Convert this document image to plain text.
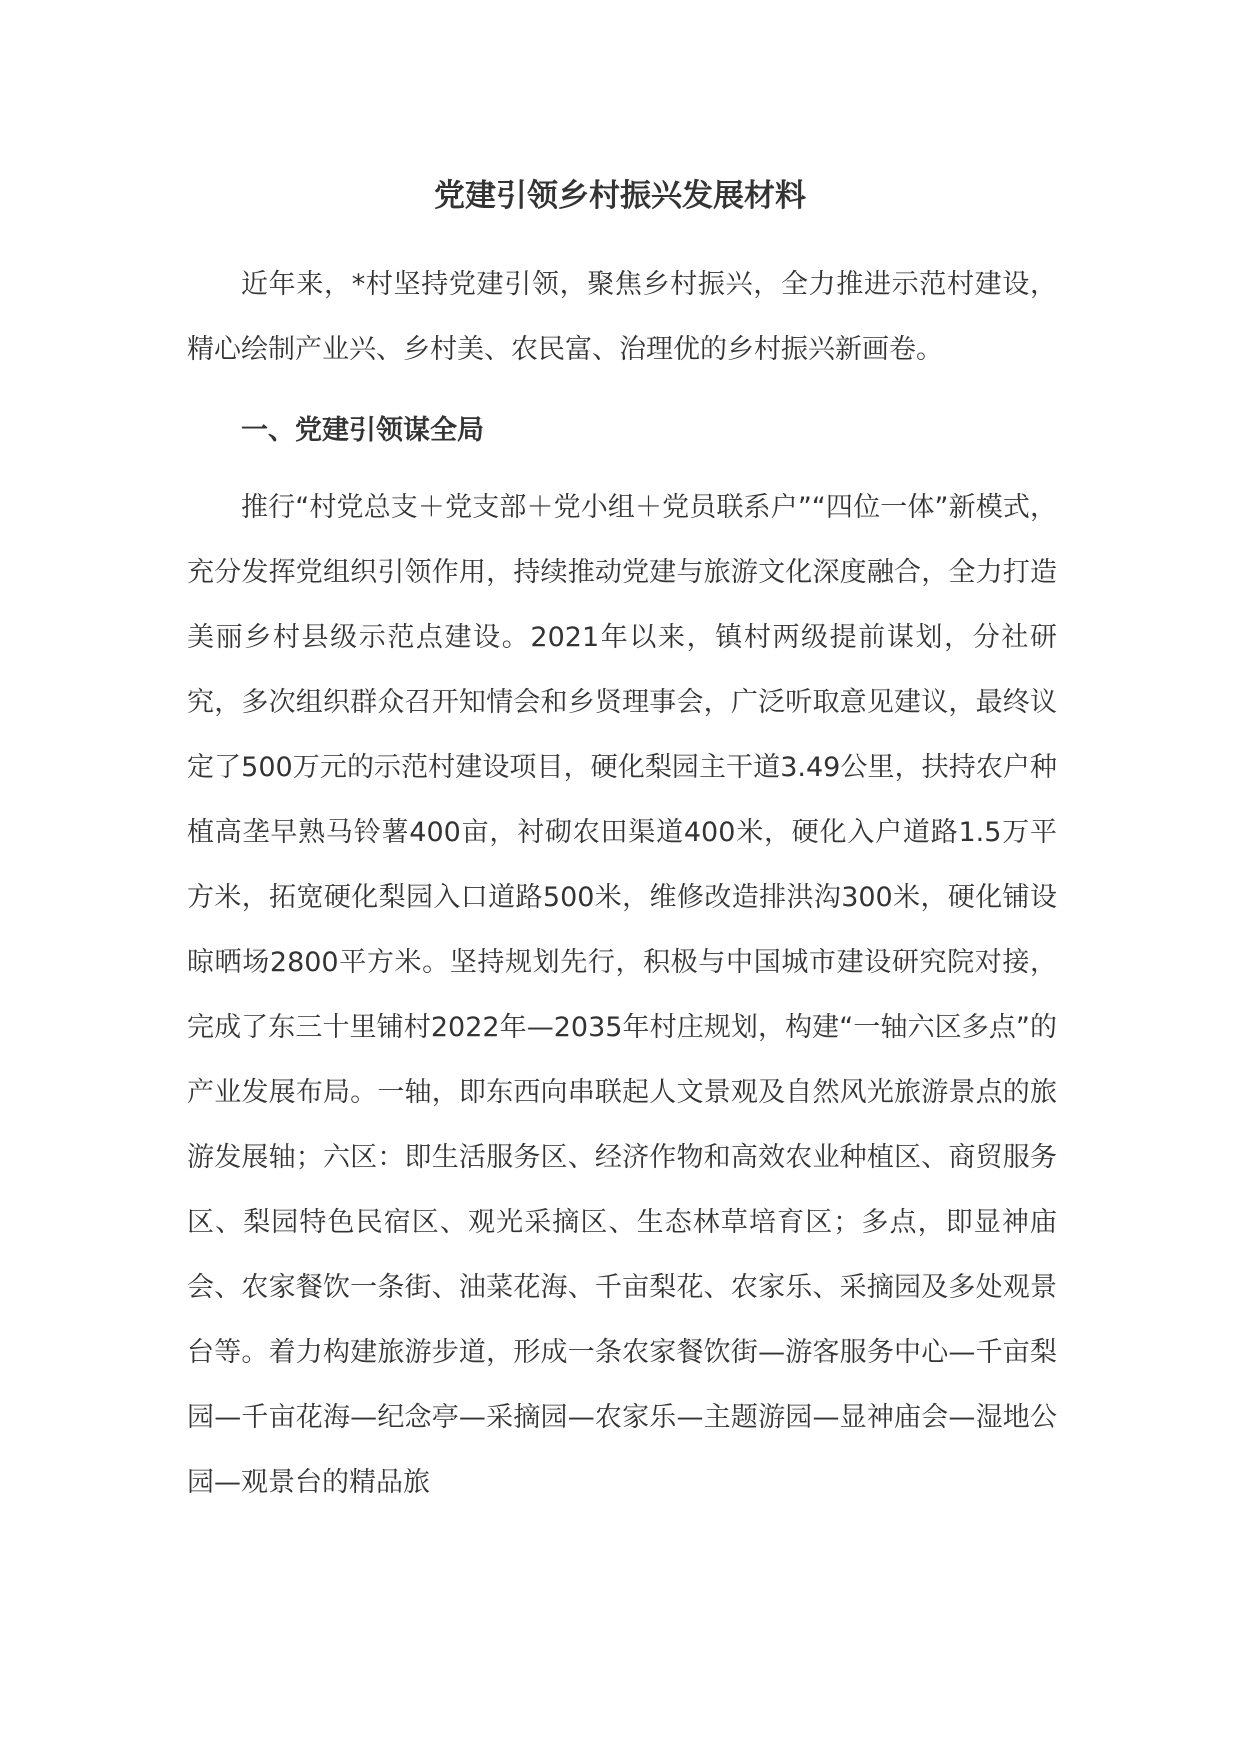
党建引领乡村振兴发展材料

近年来，*村坚持党建引领，聚焦乡村振兴，全力推进示范村建设，精心绘制产业兴、乡村美、农民富、治理优的乡村振兴新画卷。

一、党建引领谋全局

推行“村党总支＋党支部＋党小组＋党员联系户”“四位一体”新模式，充分发挥党组织引领作用，持续推动党建与旅游文化深度融合，全力打造美丽乡村县级示范点建设。2021年以来，镇村两级提前谋划，分社研究，多次组织群众召开知情会和乡贤理事会，广泛听取意见建议，最终议定了500万元的示范村建设项目，硬化梨园主干道3.49公里，扶持农户种植高垄早熟马铃薯400亩，衬砌农田渠道400米，硬化入户道路1.5万平方米，拓宽硬化梨园入口道路500米，维修改造排洪沟300米，硬化铺设晾晒场2800平方米。坚持规划先行，积极与中国城市建设研究院对接，完成了东三十里铺村2022年—2035年村庄规划，构建“一轴六区多点”的产业发展布局。一轴，即东西向串联起人文景观及自然风光旅游景点的旅游发展轴；六区：即生活服务区、经济作物和高效农业种植区、商贸服务区、梨园特色民宿区、观光采摘区、生态林草培育区；多点，即显神庙会、农家餐饮一条街、油菜花海、千亩梨花、农家乐、采摘园及多处观景台等。着力构建旅游步道，形成一条农家餐饮街—游客服务中心—千亩梨园—千亩花海—纪念亭—采摘园—农家乐—主题游园—显神庙会—湿地公园—观景台的精品旅
